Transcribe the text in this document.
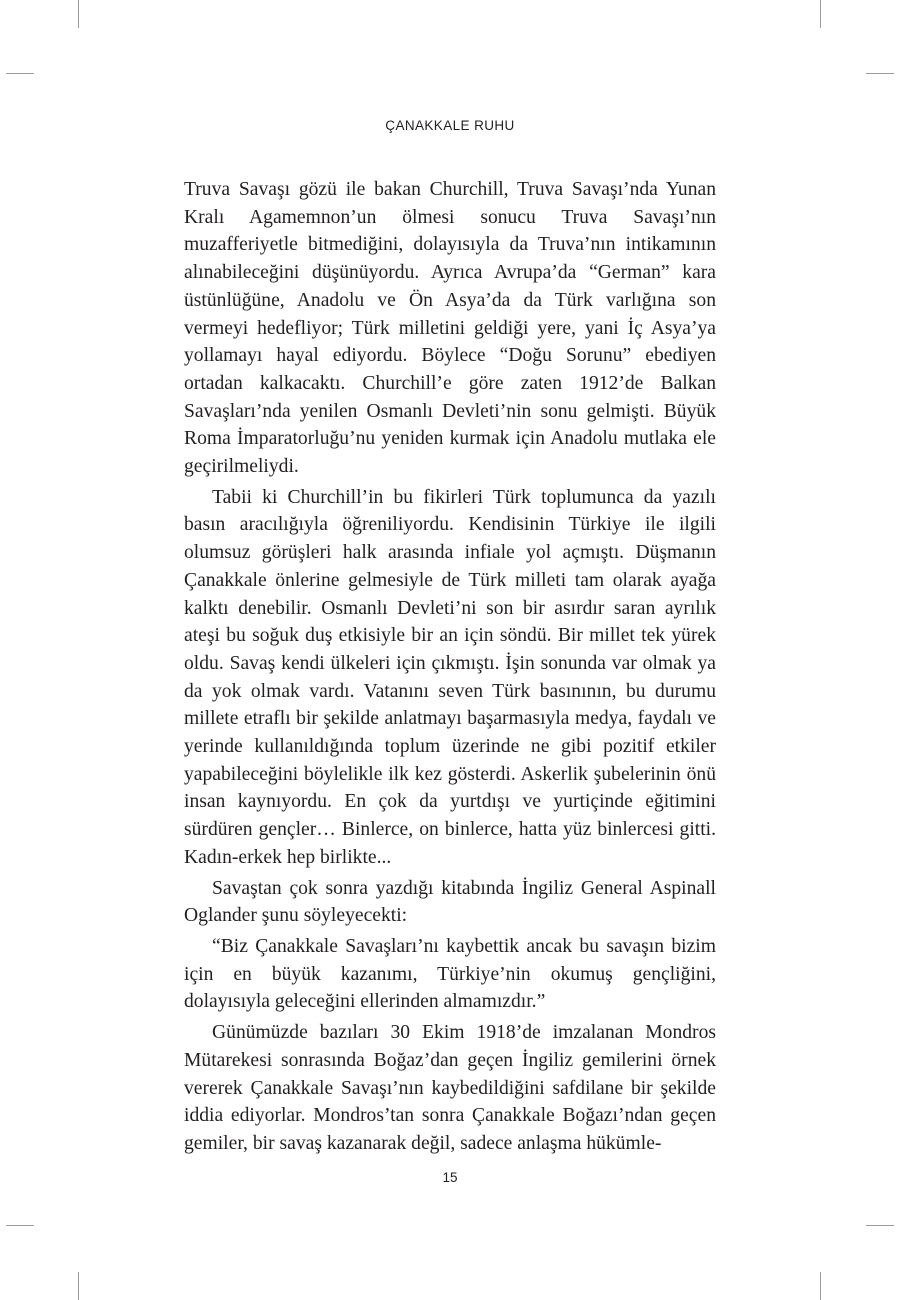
ÇANAKKALE RUHU

Truva Savaşı gözü ile bakan Churchill, Truva Savaşı’nda Yunan Kralı Agamemnon’un ölmesi sonucu Truva Savaşı’nın muzafferiyetle bitmediğini, dolayısıyla da Truva’nın intikamının alınabileceğini düşünüyordu. Ayrıca Avrupa’da “German” kara üstünlüğüne, Anadolu ve Ön Asya’da da Türk varlığına son vermeyi hedefliyor; Türk milletini geldiği yere, yani İç Asya’ya yollamayı hayal ediyordu. Böylece “Doğu Sorunu” ebediyen ortadan kalkacaktı. Churchill’e göre zaten 1912’de Balkan Savaşları’nda yenilen Osmanlı Devleti’nin sonu gelmişti. Büyük Roma İmparatorluğu’nu yeniden kurmak için Anadolu mutlaka ele geçirilmeliydi.

Tabii ki Churchill’in bu fikirleri Türk toplumunca da yazılı basın aracılığıyla öğreniliyordu. Kendisinin Türkiye ile ilgili olumsuz görüşleri halk arasında infiale yol açmıştı. Düşmanın Çanakkale önlerine gelmesiyle de Türk milleti tam olarak ayağa kalktı denebilir. Osmanlı Devleti’ni son bir asırdır saran ayrılık ateşi bu soğuk duş etkisiyle bir an için söndü. Bir millet tek yürek oldu. Savaş kendi ülkeleri için çıkmıştı. İşin sonunda var olmak ya da yok olmak vardı. Vatanını seven Türk basınının, bu durumu millete etraflı bir şekilde anlatmayı başarmasıyla medya, faydalı ve yerinde kullanıldığında toplum üzerinde ne gibi pozitif etkiler yapabileceğini böylelikle ilk kez gösterdi. Askerlik şubelerinin önü insan kaynıyordu. En çok da yurtdışı ve yurtiçinde eğitimini sürdüren gençler… Binlerce, on binlerce, hatta yüz binlercesi gitti. Kadın-erkek hep birlikte...

Savaştan çok sonra yazdığı kitabında İngiliz General Aspinall Oglander şunu söyleyecekti:

“Biz Çanakkale Savaşları’nı kaybettik ancak bu savaşın bizim için en büyük kazanımı, Türkiye’nin okumuş gençliğini, dolayısıyla geleceğini ellerinden almamızdır.”

Günümüzde bazıları 30 Ekim 1918’de imzalanan Mondros Mütarekesi sonrasında Boğaz’dan geçen İngiliz gemilerini örnek vererek Çanakkale Savaşı’nın kaybedildiğini safdilane bir şekilde iddia ediyorlar. Mondros’tan sonra Çanakkale Boğazı’ndan geçen gemiler, bir savaş kazanarak değil, sadece anlaşma hükümle-

15
